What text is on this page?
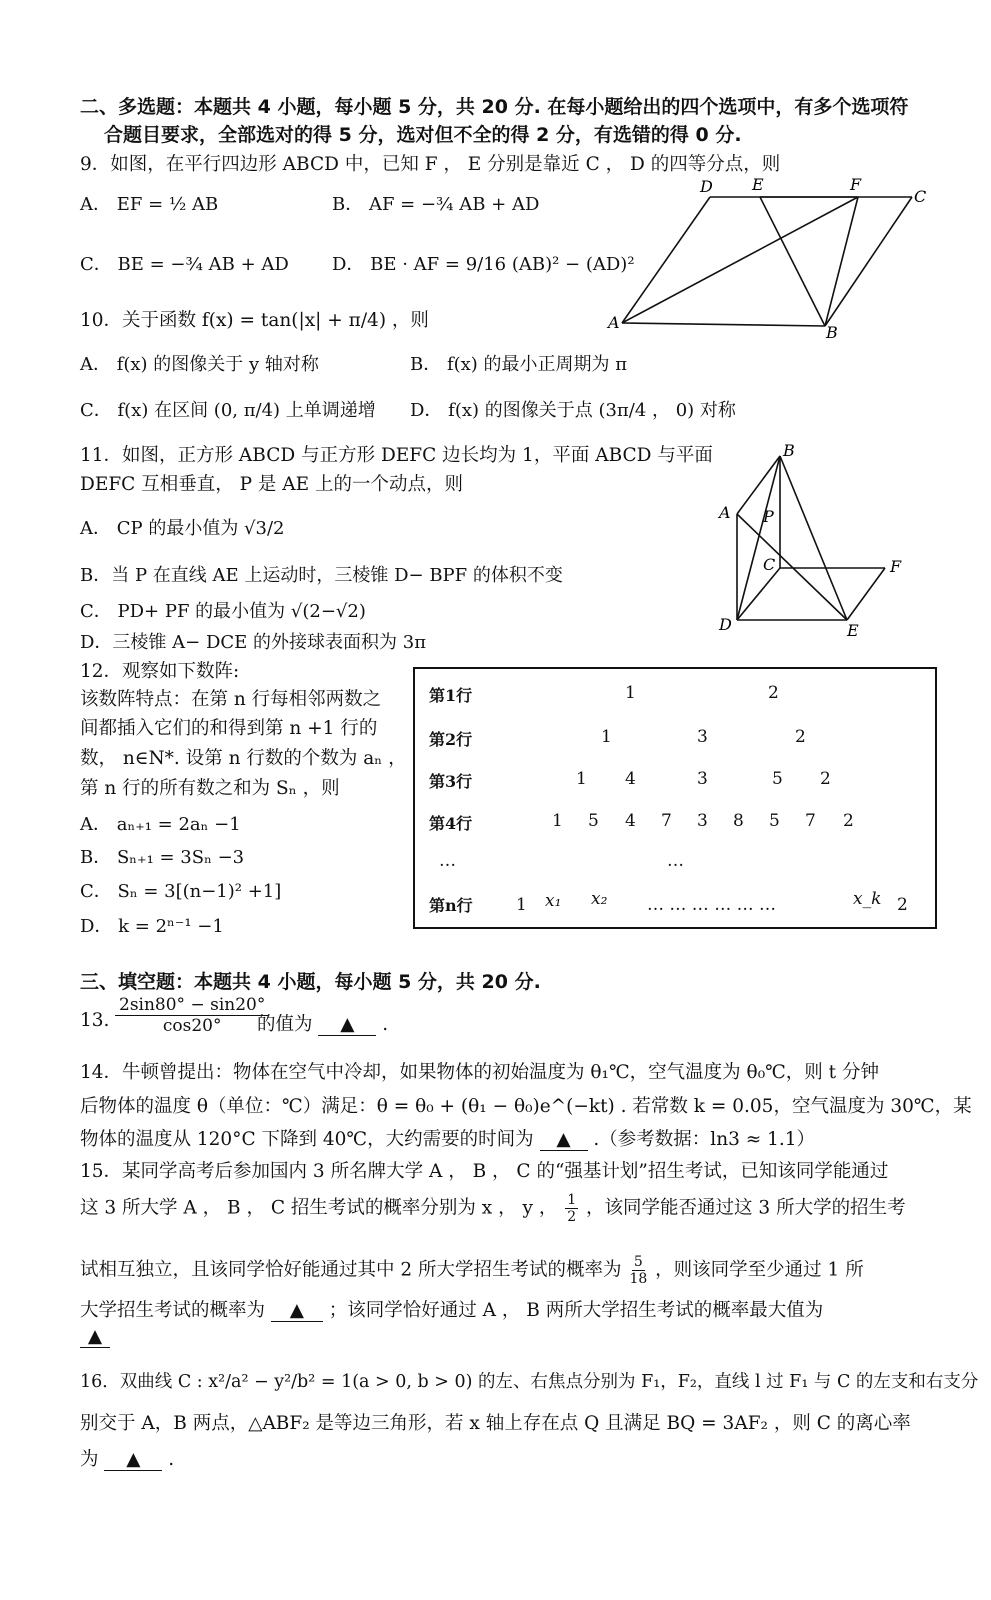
二、多选题：本题共 4 小题，每小题 5 分，共 20 分. 在每小题给出的四个选项中，有多个选项符
合题目要求，全部选对的得 5 分，选对但不全的得 2 分，有选错的得 0 分.
9．如图，在平行四边形 ABCD 中，已知 F ， E 分别是靠近 C ， D 的四等分点，则
A． EF = ½ AB	B． AF = −¾ AB + AD
C． BE = −¾ AB + AD D． BE · AF = 9/16 (AB)² − (AD)²
D E	F
C
A
B
10．关于函数 f(x) = tan(|x| + π/4) ，则
A． f(x) 的图像关于 y 轴对称	B． f(x) 的最小正周期为 π
C． f(x) 在区间 (0, π/4) 上单调递增 D． f(x) 的图像关于点 (3π/4 ， 0) 对称
11．如图，正方形 ABCD 与正方形 DEFC 边长均为 1，平面 ABCD 与平面
DEFC 互相垂直， P 是 AE 上的一个动点，则
A． CP 的最小值为 √3/2
B．当 P 在直线 AE 上运动时，三棱锥 D− BPF 的体积不变
C． PD+ PF 的最小值为 √(2−√2)
D．三棱锥 A− DCE 的外接球表面积为 3π
B
A P
C	F
D	E
12．观察如下数阵:
该数阵特点：在第 n 行每相邻两数之
间都插入它们的和得到第 n +1 行的
数， n∈N*. 设第 n 行数的个数为 aₙ ，
第 n 行的所有数之和为 Sₙ ，则
A． aₙ₊₁ = 2aₙ −1
B． Sₙ₊₁ = 3Sₙ −3
C． Sₙ = 3[(n−1)² +1]
D． k = 2ⁿ⁻¹ −1
第1行	1	2
第2行	1	3	2
第3行	1 4	3	5 2
第4行	1 5 4 7 3 8 5 7 2
…	…
第n行	1 x₁ x₂ … … … … … …	x_k 2
三、填空题：本题共 4 小题，每小题 5 分，共 20 分.
13. $\frac{2\sin 80^\circ - \sin 20^\circ}{\cos 20^\circ}$
的值为 ▲ .
14．牛顿曾提出：物体在空气中冷却，如果物体的初始温度为 θ₁℃，空气温度为 θ₀℃，则 t 分钟
后物体的温度 θ（单位：℃）满足：θ = θ₀ + (θ₁ − θ₀)e^(−kt) . 若常数 k = 0.05，空气温度为 30℃，某
物体的温度从 120°C 下降到 40℃，大约需要的时间为 ▲ .（参考数据：ln3 ≈ 1.1）
15．某同学高考后参加国内 3 所名牌大学 A ， B ， C 的“强基计划”招生考试，已知该同学能通过
这 3 所大学 A ， B ， C 招生考试的概率分别为 x ， y ， $\frac{1}{2}$ ，该同学能否通过这 3 所大学的招生考
试相互独立，且该同学恰好能通过其中 2 所大学招生考试的概率为 $\frac{5}{18}$ ，则该同学至少通过 1 所
大学招生考试的概率为 ▲ ；该同学恰好通过 A ， B 两所大学招生考试的概率最大值为
▲
16．双曲线 C : x²/a² − y²/b² = 1(a > 0, b > 0) 的左、右焦点分别为 F₁，F₂，直线 l 过 F₁ 与 C 的左支和右支分
别交于 A，B 两点，△ABF₂ 是等边三角形，若 x 轴上存在点 Q 且满足 BQ = 3AF₂ ，则 C 的离心率
为 ▲ .
